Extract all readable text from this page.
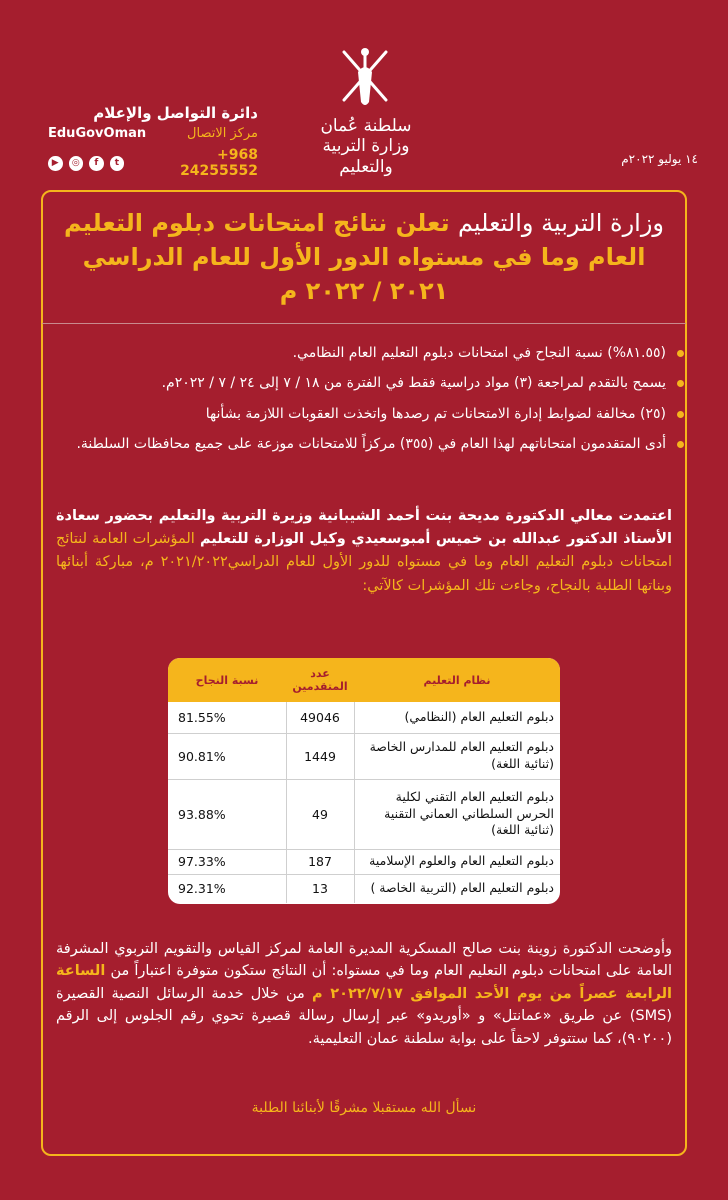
دائرة التواصل والإعلام
مركز الاتصال
EduGovOman
▶	◎	f	t	+968 24255552
سلطنة عُمان
وزارة التربية والتعليم	١٤ يوليو ٢٠٢٢م
وزارة التربية والتعليم تعلن نتائج امتحانات دبلوم التعليم العام وما في مستواه الدور الأول للعام الدراسي ٢٠٢١ / ٢٠٢٢ م
(٨١.٥٥%) نسبة النجاح في امتحانات دبلوم التعليم العام النظامي.
يسمح بالتقدم لمراجعة (٣) مواد دراسية فقط في الفترة من ١٨ / ٧ إلى ٢٤ / ٧ / ٢٠٢٢م.
(٢٥) مخالفة لضوابط إدارة الامتحانات تم رصدها واتخذت العقوبات اللازمة بشأنها
أدى المتقدمون امتحاناتهم لهذا العام في (٣٥٥) مركزاً للامتحانات موزعة على جميع محافظات السلطنة.
اعتمدت معالي الدكتورة مديحة بنت أحمد الشيبانية وزيرة التربية والتعليم بحضور سعادة الأستاذ الدكتور عبدالله بن خميس أمبوسعيدي وكيل الوزارة للتعليم المؤشرات العامة لنتائج امتحانات دبلوم التعليم العام وما في مستواه للدور الأول للعام الدراسي٢٠٢١/٢٠٢٢ م، مباركة أبنائها وبناتها الطلبة بالنجاح، وجاءت تلك المؤشرات كالآتي:
نظام التعليم	عدد المتقدمين	نسبة النجاح
دبلوم التعليم العام (النظامي)	49046	81.55%
دبلوم التعليم العام للمدارس الخاصة (ثنائية اللغة)	1449	90.81%
دبلوم التعليم العام التقني لكلية الحرس السلطاني العماني التقنية (ثنائية اللغة)	49	93.88%
دبلوم التعليم العام والعلوم الإسلامية	187	97.33%
دبلوم التعليم العام (التربية الخاصة )	13	92.31%
وأوضحت الدكتورة زوينة بنت صالح المسكرية المديرة العامة لمركز القياس والتقويم التربوي المشرفة العامة على امتحانات دبلوم التعليم العام وما في مستواه: أن النتائج ستكون متوفرة اعتباراً من الساعة الرابعة عصراً من يوم الأحد الموافق ٢٠٢٢/٧/١٧ م من خلال خدمة الرسائل النصية القصيرة (SMS) عن طريق «عمانتل» و «أوريدو» عبر إرسال رسالة قصيرة تحوي رقم الجلوس إلى الرقم (٩٠٢٠٠)، كما ستتوفر لاحقاً على بوابة سلطنة عمان التعليمية.
نسأل الله مستقبلا مشرقًا لأبنائنا الطلبة
